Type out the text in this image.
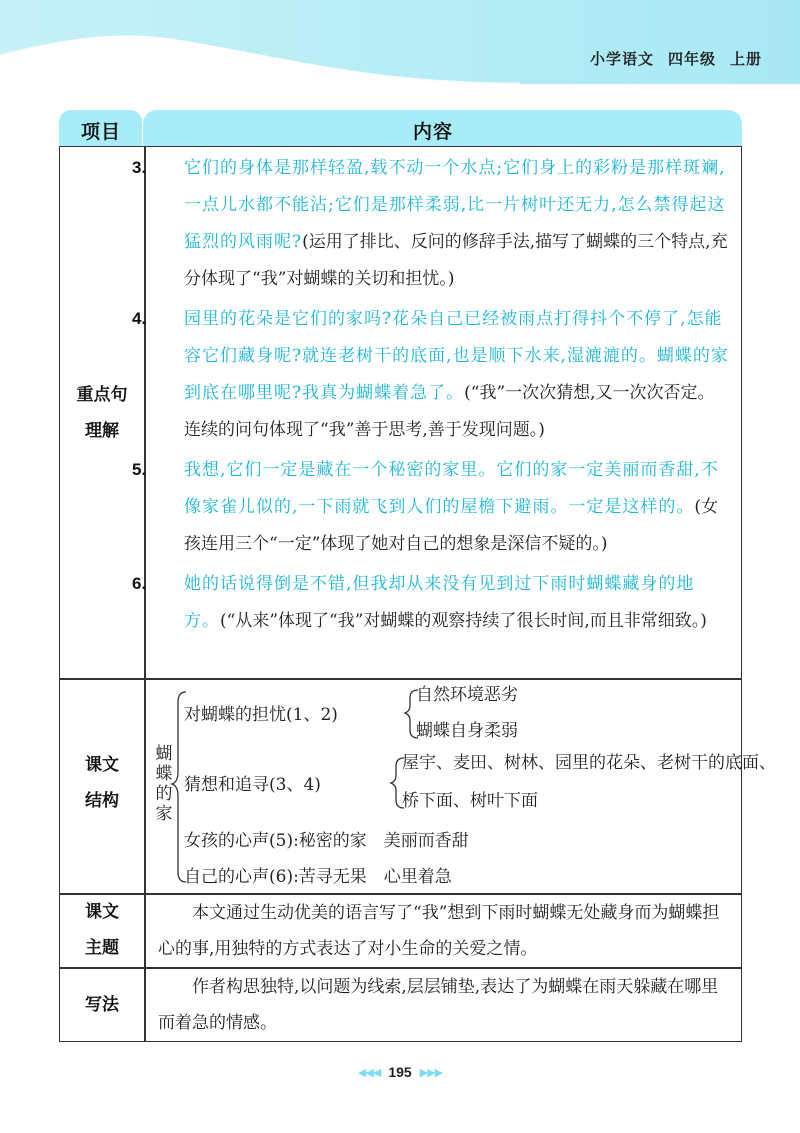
小学语文 四年级 上册
项目	内容
重点句
理解

3. 它们的身体是那样轻盈,载不动一个水点;它们身上的彩粉是那样斑斓,一点儿水都不能沾;它们是那样柔弱,比一片树叶还无力,怎么禁得起这猛烈的风雨呢?(运用了排比、反问的修辞手法,描写了蝴蝶的三个特点,充分体现了“我”对蝴蝶的关切和担忧。)

4. 园里的花朵是它们的家吗?花朵自己已经被雨点打得抖个不停了,怎能容它们藏身呢?就连老树干的底面,也是顺下水来,湿漉漉的。蝴蝶的家到底在哪里呢?我真为蝴蝶着急了。(“我”一次次猜想,又一次次否定。连续的问句体现了“我”善于思考,善于发现问题。)

5. 我想,它们一定是藏在一个秘密的家里。它们的家一定美丽而香甜,不像家雀儿似的,一下雨就飞到人们的屋檐下避雨。一定是这样的。(女孩连用三个“一定”体现了她对自己的想象是深信不疑的。)

6. 她的话说得倒是不错,但我却从来没有见到过下雨时蝴蝶藏身的地方。(“从来”体现了“我”对蝴蝶的观察持续了很长时间,而且非常细致。)

课文
结构
蝴
蝶
的
家
对蝴蝶的担忧(1、2)
自然环境恶劣
蝴蝶自身柔弱
猜想和追寻(3、4)
屋宇、麦田、树林、园里的花朵、老树干的底面、
桥下面、树叶下面
女孩的心声(5):秘密的家　美丽而香甜
自己的心声(6):苦寻无果　心里着急
课文
主题
本文通过生动优美的语言写了“我”想到下雨时蝴蝶无处藏身而为蝴蝶担心的事,用独特的方式表达了对小生命的关爱之情。
写法
作者构思独特,以问题为线索,层层铺垫,表达了为蝴蝶在雨天躲藏在哪里而着急的情感。
◀◀◀ 195 ▶▶▶
